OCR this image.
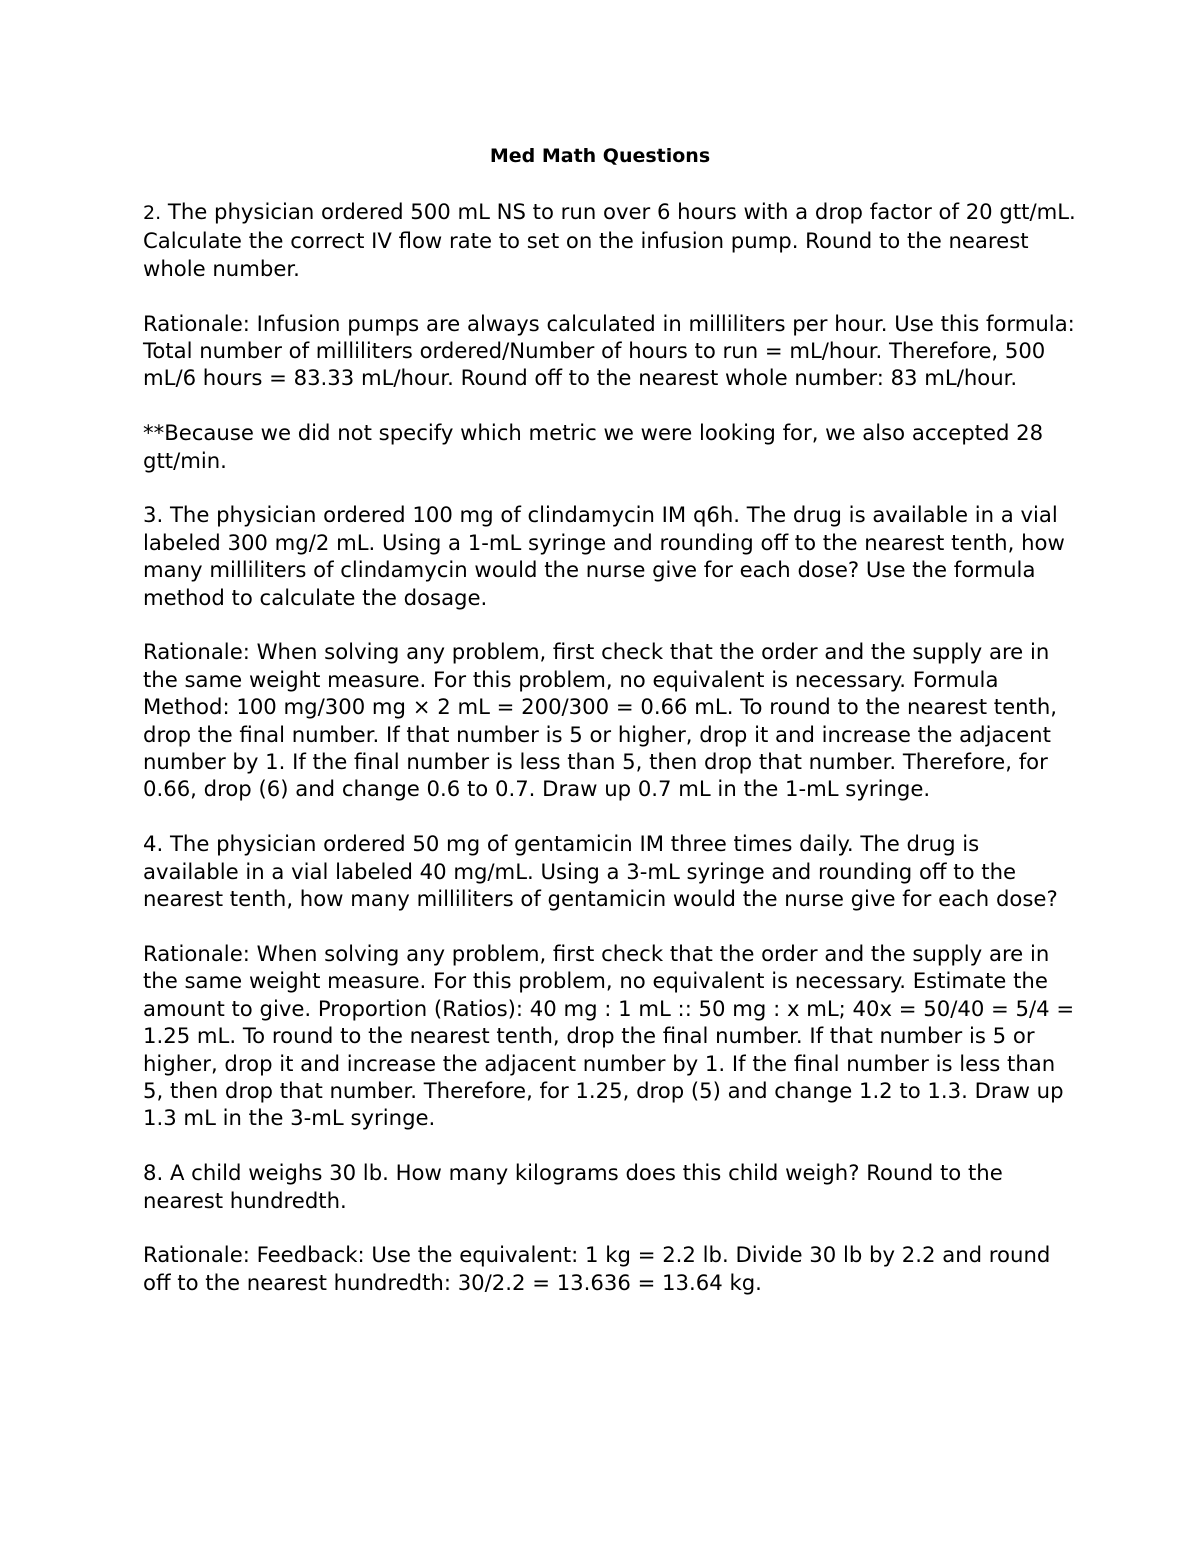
Med Math Questions

2. The physician ordered 500 mL NS to run over 6 hours with a drop factor of 20 gtt/mL. Calculate the correct IV flow rate to set on the infusion pump. Round to the nearest whole number.

Rationale: Infusion pumps are always calculated in milliliters per hour. Use this formula: Total number of milliliters ordered/Number of hours to run = mL/hour. Therefore, 500 mL/6 hours = 83.33 mL/hour. Round off to the nearest whole number: 83 mL/hour.

**Because we did not specify which metric we were looking for, we also accepted 28 gtt/min.

3. The physician ordered 100 mg of clindamycin IM q6h. The drug is available in a vial labeled 300 mg/2 mL. Using a 1-mL syringe and rounding off to the nearest tenth, how many milliliters of clindamycin would the nurse give for each dose? Use the formula method to calculate the dosage.

Rationale: When solving any problem, first check that the order and the supply are in the same weight measure. For this problem, no equivalent is necessary. Formula Method: 100 mg/300 mg × 2 mL = 200/300 = 0.66 mL. To round to the nearest tenth, drop the final number. If that number is 5 or higher, drop it and increase the adjacent number by 1. If the final number is less than 5, then drop that number. Therefore, for 0.66, drop (6) and change 0.6 to 0.7. Draw up 0.7 mL in the 1-mL syringe.

4. The physician ordered 50 mg of gentamicin IM three times daily. The drug is available in a vial labeled 40 mg/mL. Using a 3-mL syringe and rounding off to the nearest tenth, how many milliliters of gentamicin would the nurse give for each dose?

Rationale: When solving any problem, first check that the order and the supply are in the same weight measure. For this problem, no equivalent is necessary. Estimate the amount to give. Proportion (Ratios): 40 mg : 1 mL :: 50 mg : x mL; 40x = 50/40 = 5/4 = 1.25 mL. To round to the nearest tenth, drop the final number. If that number is 5 or higher, drop it and increase the adjacent number by 1. If the final number is less than 5, then drop that number. Therefore, for 1.25, drop (5) and change 1.2 to 1.3. Draw up 1.3 mL in the 3-mL syringe.

8. A child weighs 30 lb. How many kilograms does this child weigh? Round to the nearest hundredth.

Rationale: Feedback: Use the equivalent: 1 kg = 2.2 lb. Divide 30 lb by 2.2 and round off to the nearest hundredth: 30/2.2 = 13.636 = 13.64 kg.
